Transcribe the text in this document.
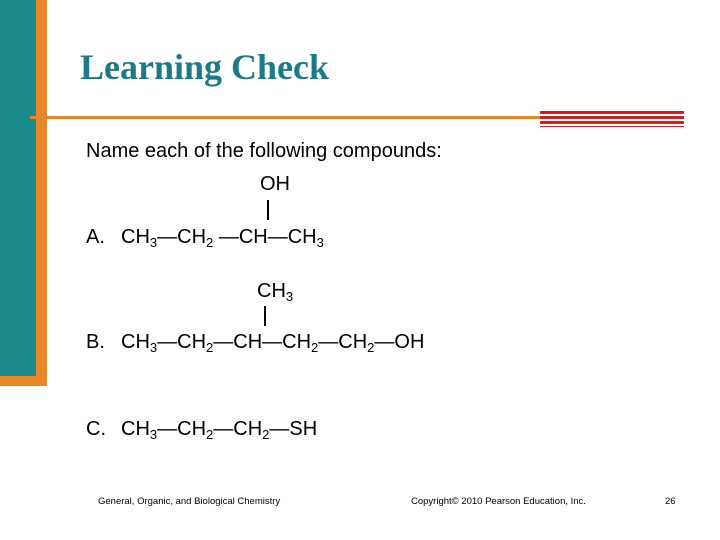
Learning Check
Name each of the following compounds:
OH
A. $CH_3—CH_2$ $—CH—CH_3$
$CH_3$
B. $CH_3—CH_2—CH—CH_2—CH_2—OH$
C. $CH_3—CH_2—CH_2—SH$
General, Organic, and Biological Chemistry	Copyright© 2010 Pearson Education, Inc.	26
